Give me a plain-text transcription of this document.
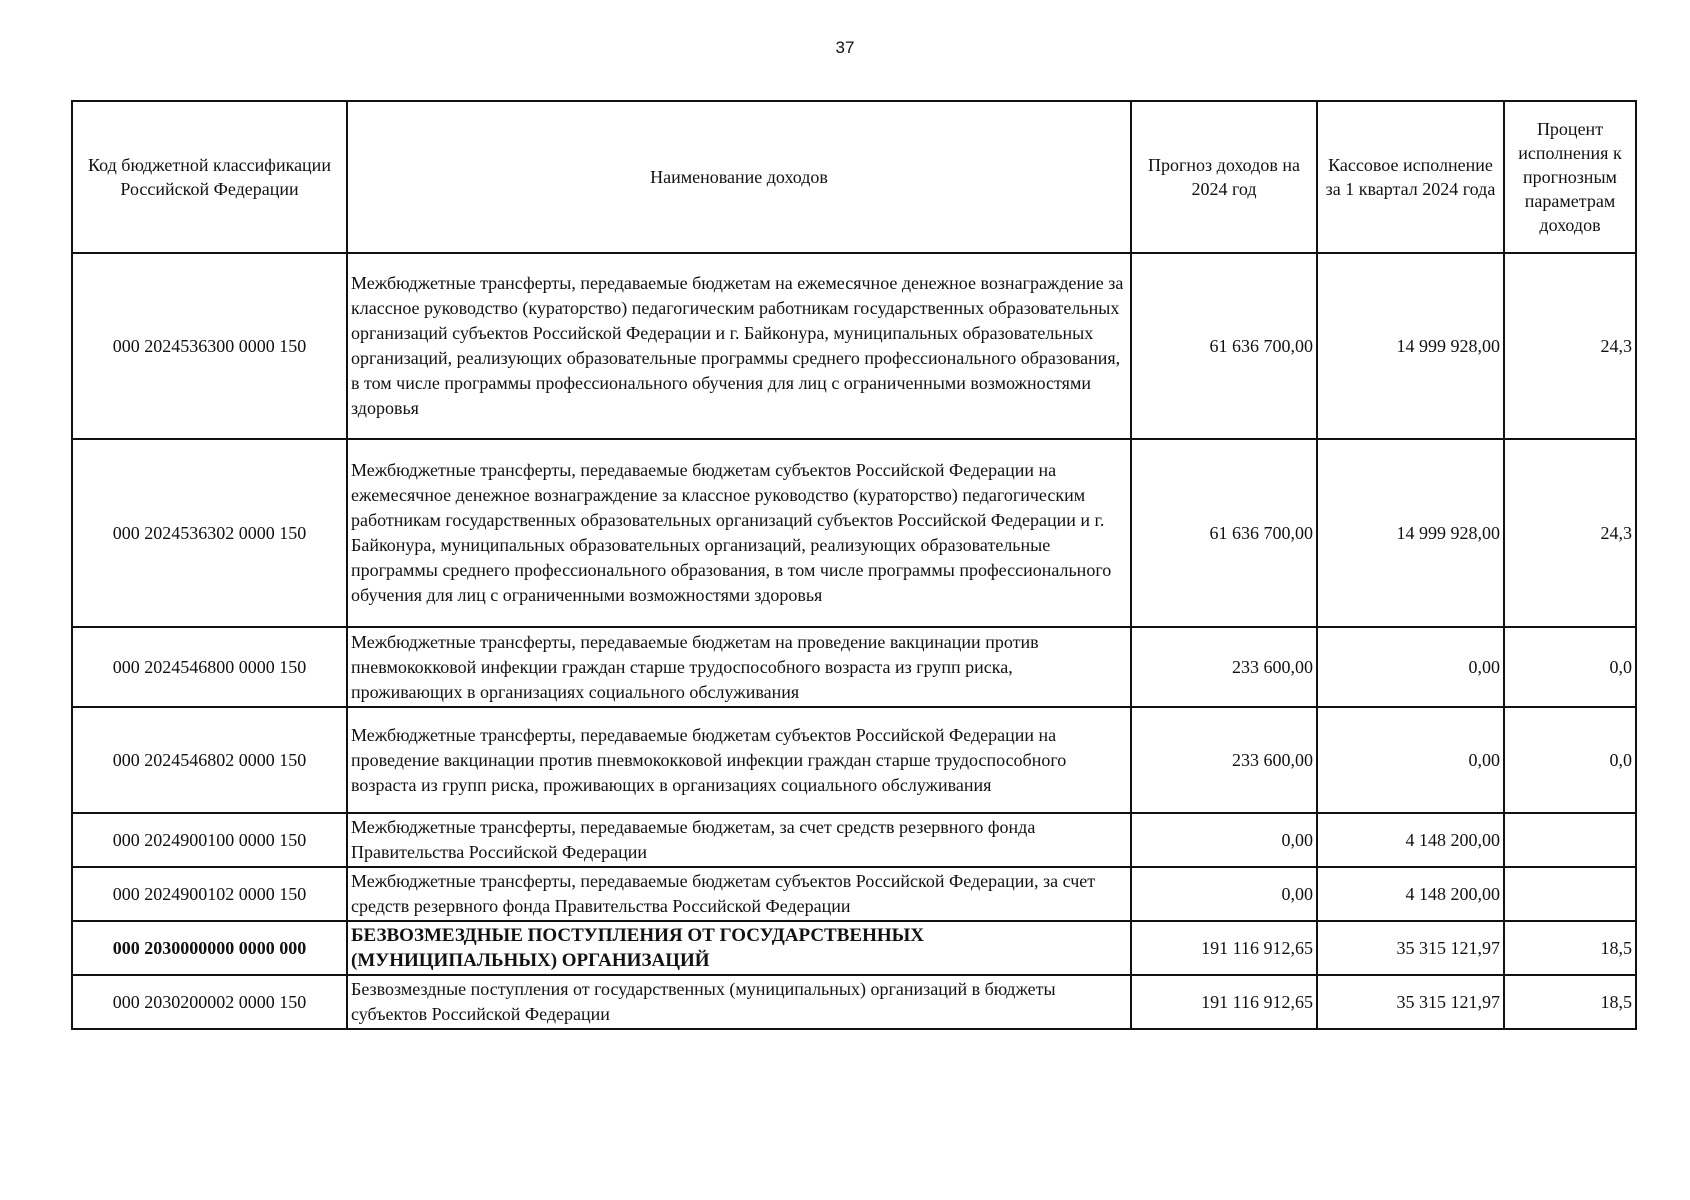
37
Код бюджетной классификации Российской Федерации	Наименование доходов	Прогноз доходов на 2024 год	Кассовое исполнение за 1 квартал 2024 года	Процент исполнения к прогнозным параметрам доходов
000 2024536300 0000 150	Межбюджетные трансферты, передаваемые бюджетам на ежемесячное денежное вознаграждение за классное руководство (кураторство) педагогическим работникам государственных образовательных организаций субъектов Российской Федерации и г. Байконура, муниципальных образовательных организаций, реализующих образовательные программы среднего профессионального образования, в том числе программы профессионального обучения для лиц с ограниченными возможностями здоровья	61 636 700,00	14 999 928,00	24,3
000 2024536302 0000 150	Межбюджетные трансферты, передаваемые бюджетам субъектов Российской Федерации на ежемесячное денежное вознаграждение за классное руководство (кураторство) педагогическим работникам государственных образовательных организаций субъектов Российской Федерации и г. Байконура, муниципальных образовательных организаций, реализующих образовательные программы среднего профессионального образования, в том числе программы профессионального обучения для лиц с ограниченными возможностями здоровья	61 636 700,00	14 999 928,00	24,3
000 2024546800 0000 150	Межбюджетные трансферты, передаваемые бюджетам на проведение вакцинации против пневмококковой инфекции граждан старше трудоспособного возраста из групп риска, проживающих в организациях социального обслуживания	233 600,00	0,00	0,0
000 2024546802 0000 150	Межбюджетные трансферты, передаваемые бюджетам субъектов Российской Федерации на проведение вакцинации против пневмококковой инфекции граждан старше трудоспособного возраста из групп риска, проживающих в организациях социального обслуживания	233 600,00	0,00	0,0
000 2024900100 0000 150	Межбюджетные трансферты, передаваемые бюджетам, за счет средств резервного фонда Правительства Российской Федерации	0,00	4 148 200,00	
000 2024900102 0000 150	Межбюджетные трансферты, передаваемые бюджетам субъектов Российской Федерации, за счет средств резервного фонда Правительства Российской Федерации	0,00	4 148 200,00	
000 2030000000 0000 000	БЕЗВОЗМЕЗДНЫЕ ПОСТУПЛЕНИЯ ОТ ГОСУДАРСТВЕННЫХ (МУНИЦИПАЛЬНЫХ) ОРГАНИЗАЦИЙ	191 116 912,65	35 315 121,97	18,5
000 2030200002 0000 150	Безвозмездные поступления от государственных (муниципальных) организаций в бюджеты субъектов Российской Федерации	191 116 912,65	35 315 121,97	18,5
